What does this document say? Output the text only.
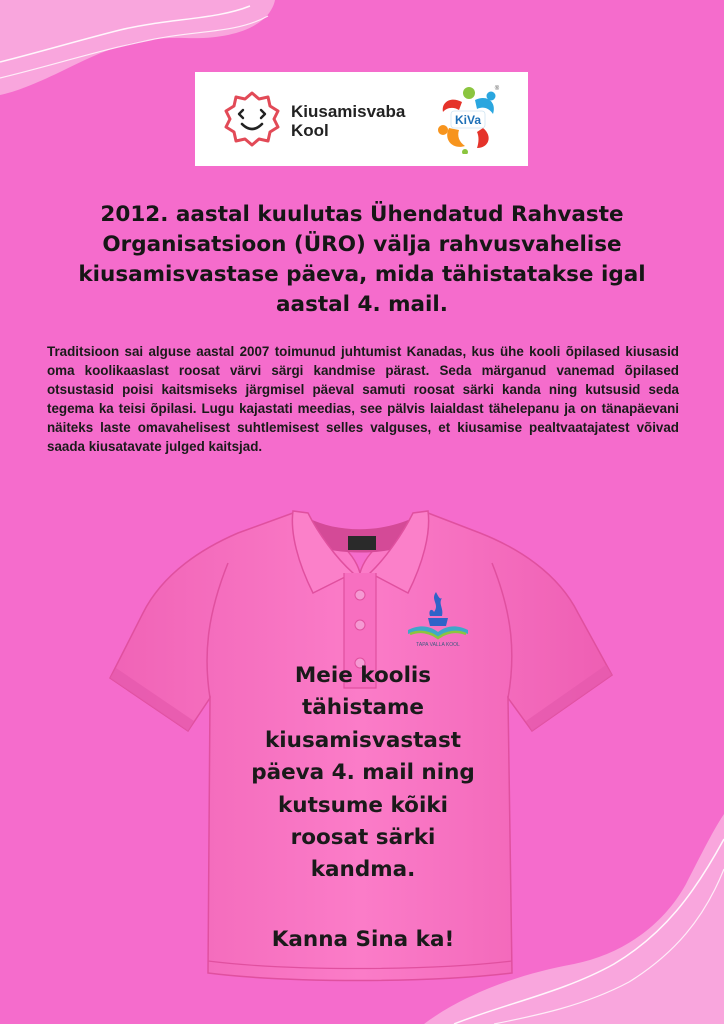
Kiusamisvaba
Kool
KiVa
®
2012. aastal kuulutas Ühendatud Rahvaste Organisatsioon (ÜRO) välja rahvusvahelise kiusamisvastase päeva, mida tähistatakse igal aastal 4. mail.

Traditsioon sai alguse aastal 2007 toimunud juhtumist Kanadas, kus ühe kooli õpilased kiusasid oma koolikaaslast roosat värvi särgi kandmise pärast. Seda märganud vanemad õpilased otsustasid poisi kaitsmiseks järgmisel päeval samuti roosat särki kanda ning kutsusid seda tegema ka teisi õpilasi. Lugu kajastati meedias, see pälvis laialdast tähelepanu ja on tänapäevani näiteks laste omavahelisest suhtlemisest selles valguses, et kiusamise pealtvaatajatest võivad saada kiusatavate julged kaitsjad.

TAPA VALLA KOOL
Meie koolis
tähistame
kiusamisvastast
päeva 4. mail ning
kutsume kõiki
roosat särki
kandma.
Kanna Sina ka!
